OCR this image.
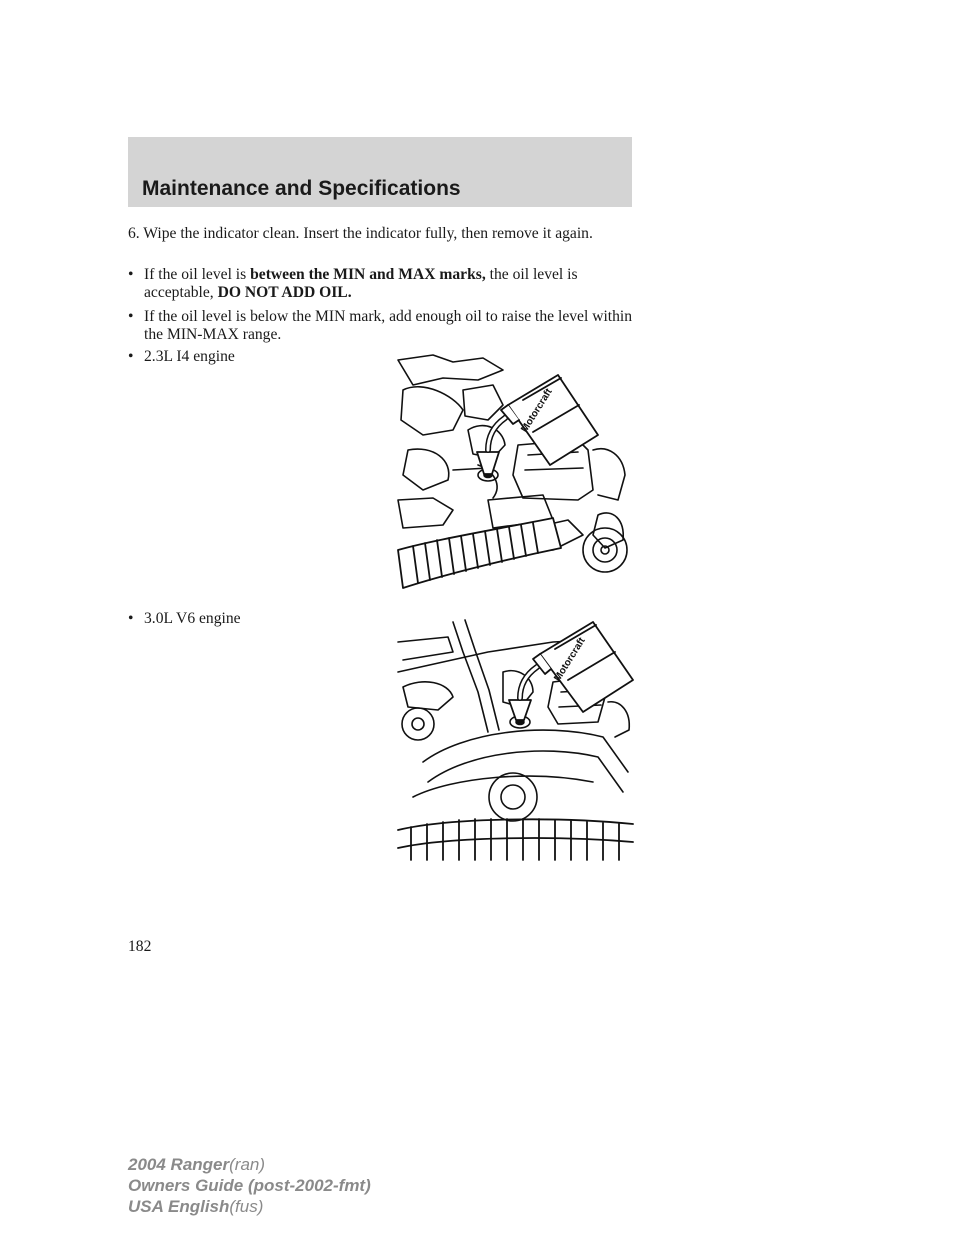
Maintenance and Specifications

6. Wipe the indicator clean. Insert the indicator fully, then remove it again.

• If the oil level is between the MIN and MAX marks, the oil level is acceptable, DO NOT ADD OIL.
• If the oil level is below the MIN mark, add enough oil to raise the level within the MIN-MAX range.
• 2.3L I4 engine
• 3.0L V6 engine
Motorcraft
Motorcraft

182

2004 Ranger(ran)
Owners Guide (post-2002-fmt)
USA English(fus)
